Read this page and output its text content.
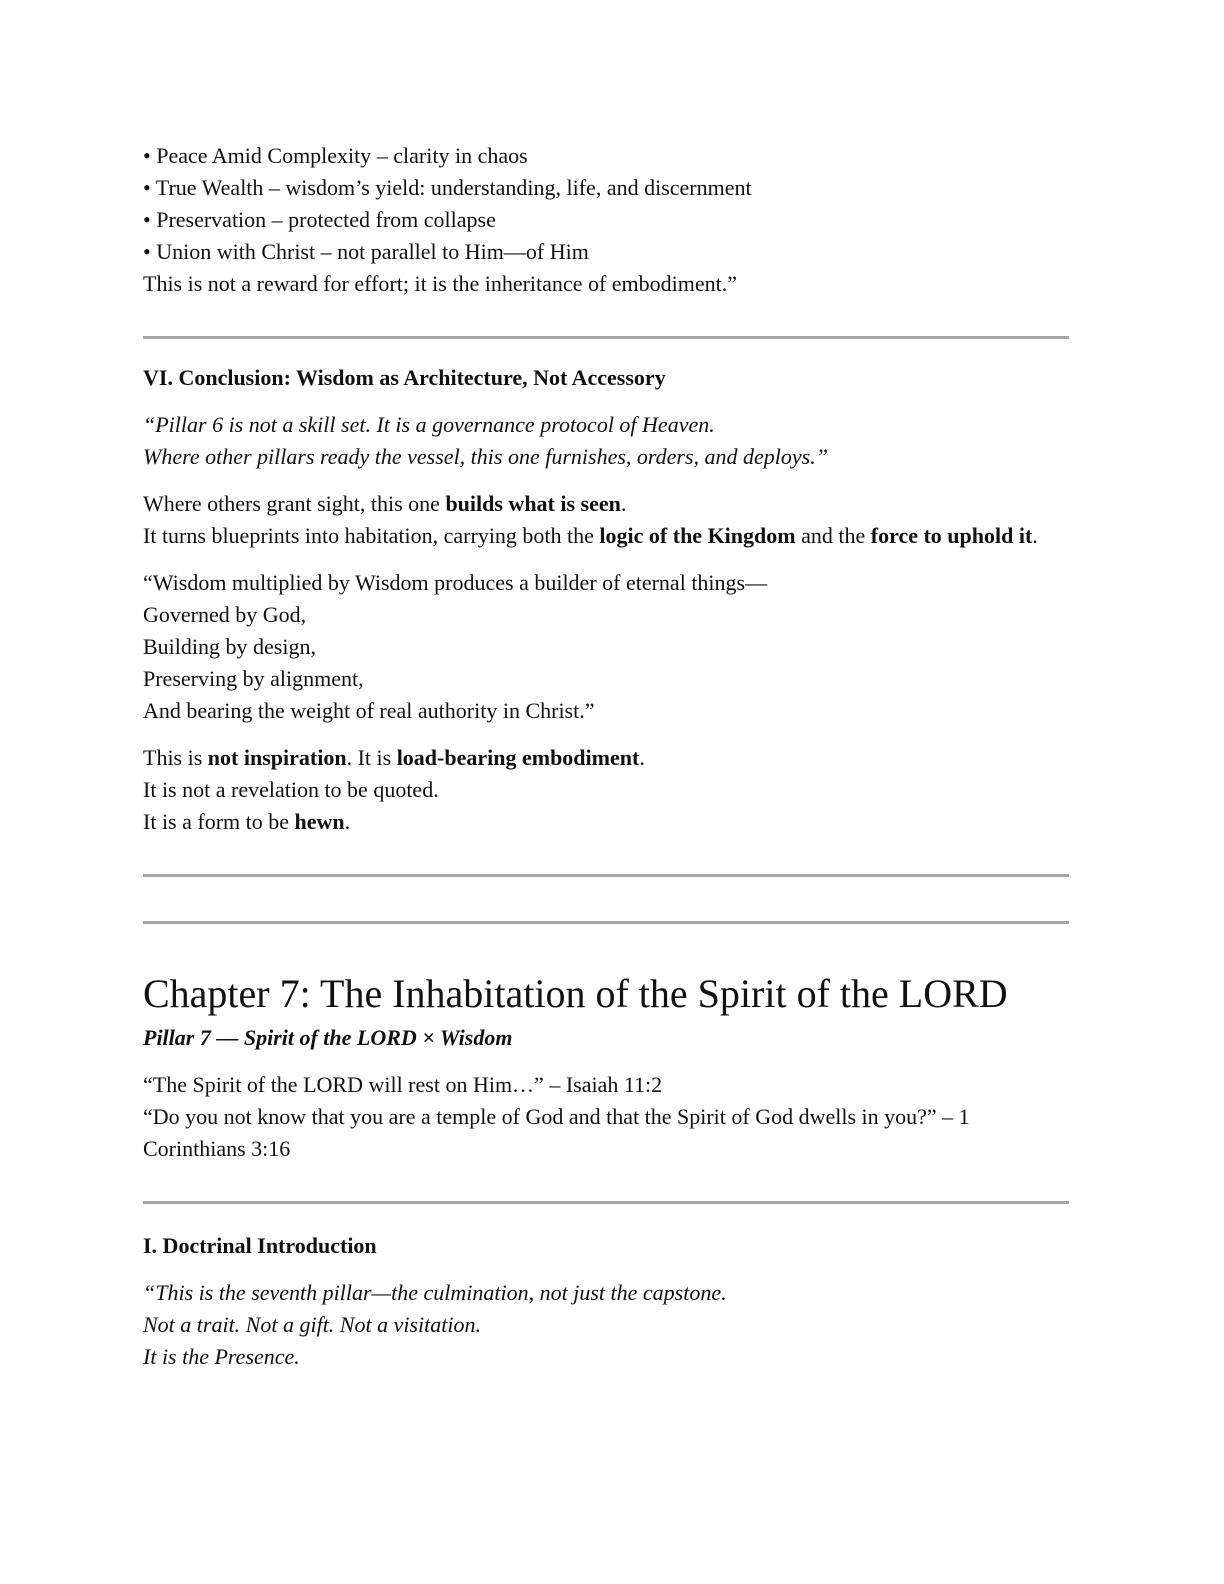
• Peace Amid Complexity – clarity in chaos
• True Wealth – wisdom’s yield: understanding, life, and discernment
• Preservation – protected from collapse
• Union with Christ – not parallel to Him—of Him
This is not a reward for effort; it is the inheritance of embodiment.”
VI. Conclusion: Wisdom as Architecture, Not Accessory
“Pillar 6 is not a skill set. It is a governance protocol of Heaven.
Where other pillars ready the vessel, this one furnishes, orders, and deploys.”
Where others grant sight, this one builds what is seen.
It turns blueprints into habitation, carrying both the logic of the Kingdom and the force to uphold it.
“Wisdom multiplied by Wisdom produces a builder of eternal things—
Governed by God,
Building by design,
Preserving by alignment,
And bearing the weight of real authority in Christ.”
This is not inspiration. It is load-bearing embodiment.
It is not a revelation to be quoted.
It is a form to be hewn.
Chapter 7: The Inhabitation of the Spirit of the LORD
Pillar 7 — Spirit of the LORD × Wisdom
“The Spirit of the LORD will rest on Him…” – Isaiah 11:2
“Do you not know that you are a temple of God and that the Spirit of God dwells in you?” – 1 Corinthians 3:16
I. Doctrinal Introduction
“This is the seventh pillar—the culmination, not just the capstone.
Not a trait. Not a gift. Not a visitation.
It is the Presence.
